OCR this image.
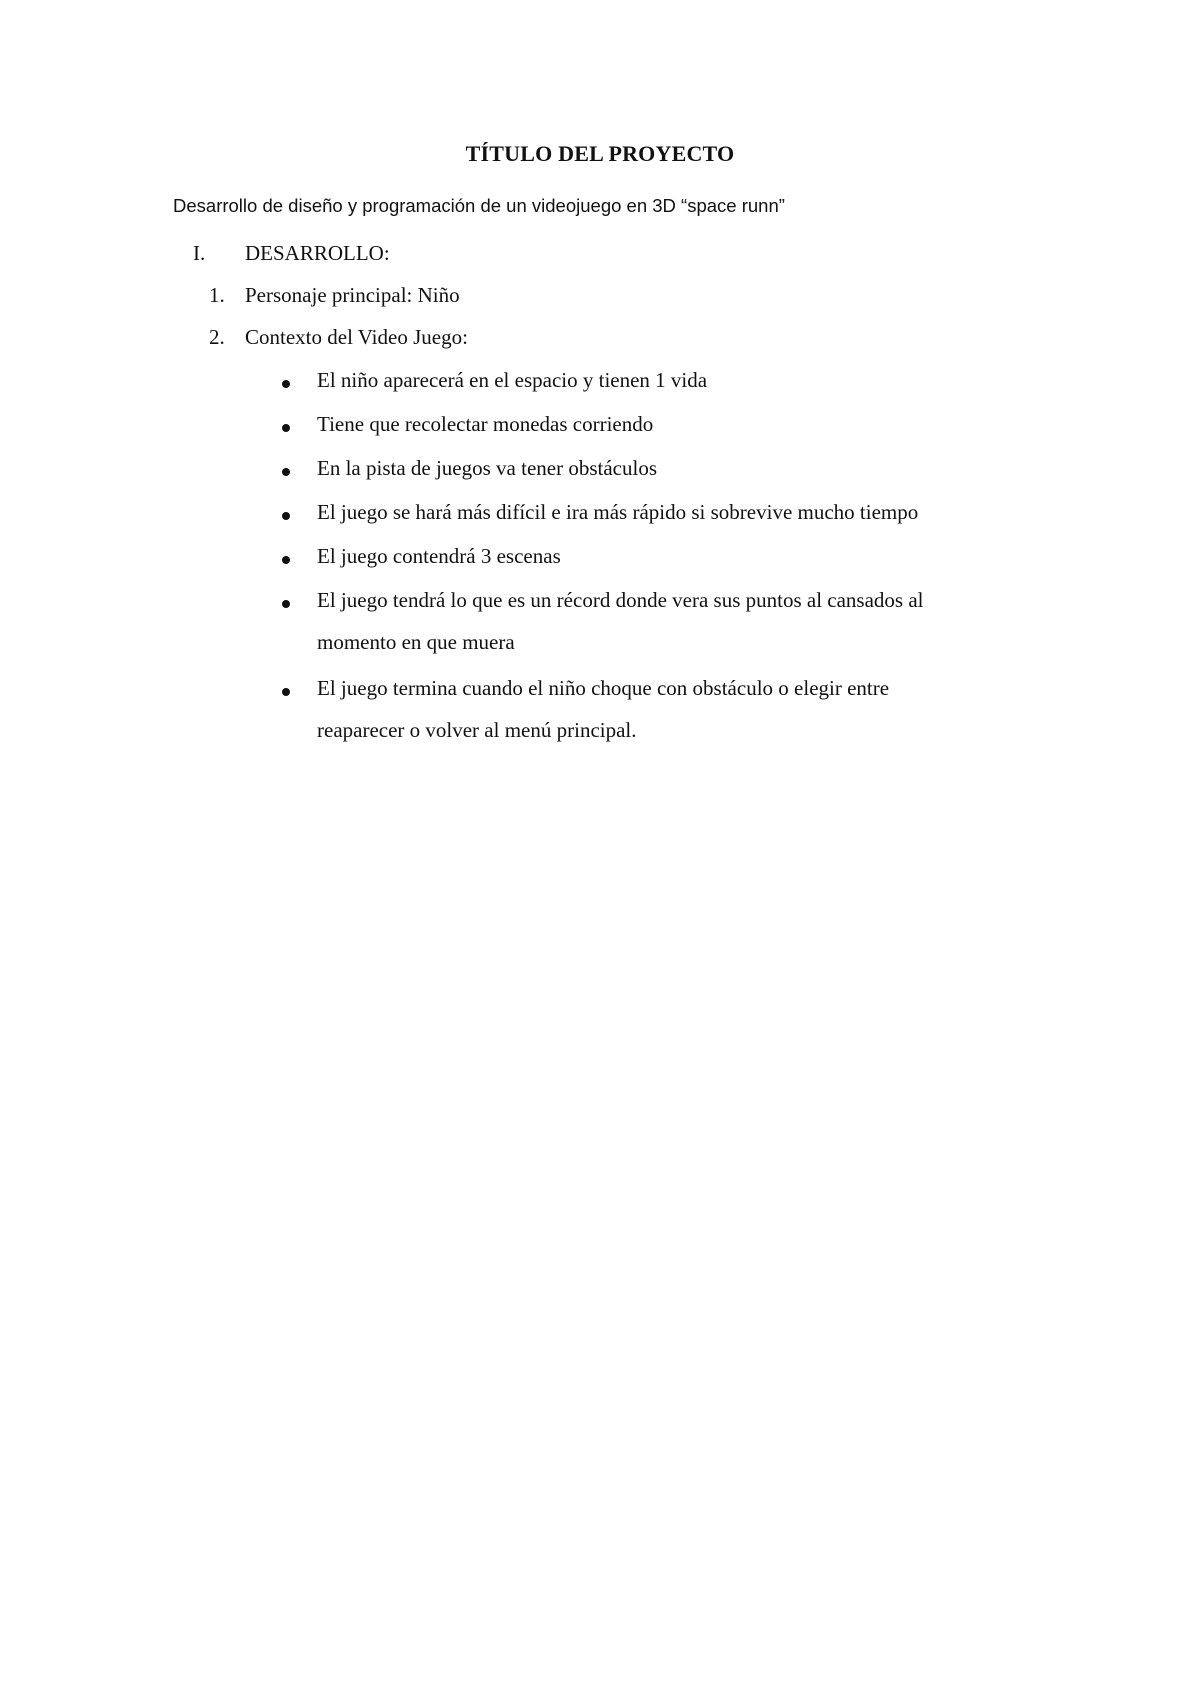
TÍTULO DEL PROYECTO
Desarrollo de diseño y programación de un videojuego en 3D “space runn”
I. DESARROLLO:
1. Personaje principal: Niño
2. Contexto del Video Juego:
El niño aparecerá en el espacio y tienen 1 vida
Tiene que recolectar monedas corriendo
En la pista de juegos va tener obstáculos
El juego se hará más difícil e ira más rápido si sobrevive mucho tiempo
El juego contendrá 3 escenas
El juego tendrá lo que es un récord donde vera sus puntos al cansados al
momento en que muera
El juego termina cuando el niño choque con obstáculo o elegir entre
reaparecer o volver al menú principal.
